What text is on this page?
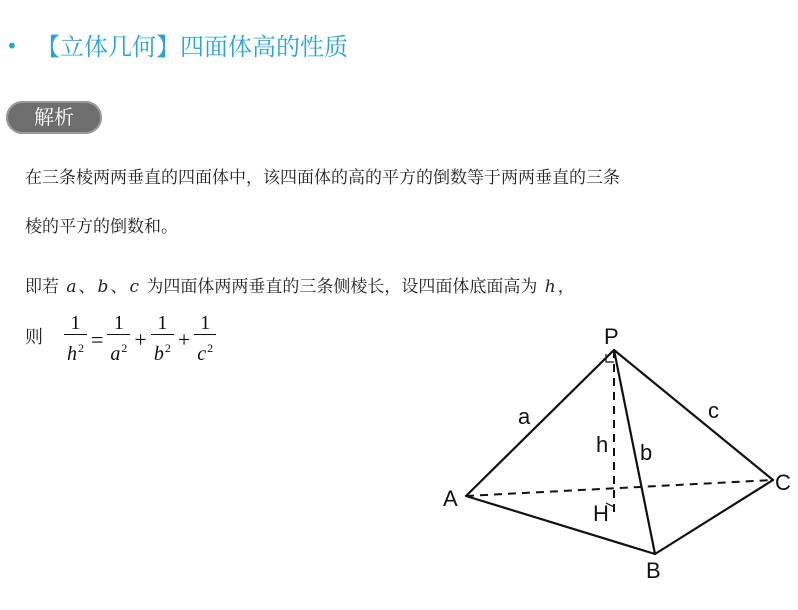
• 【立体几何】四面体高的性质
解析
在三条棱两两垂直的四面体中，该四面体的高的平方的倒数等于两两垂直的三条
棱的平方的倒数和。
即若 a 、 b 、 c 为四面体两两垂直的三条侧棱长，设四面体底面高为 h ，
则 $\frac{1}{h^2} = \frac{1}{a^2} + \frac{1}{b^2} + \frac{1}{c^2}$	P
A
B
C
H
a	c
b
h
